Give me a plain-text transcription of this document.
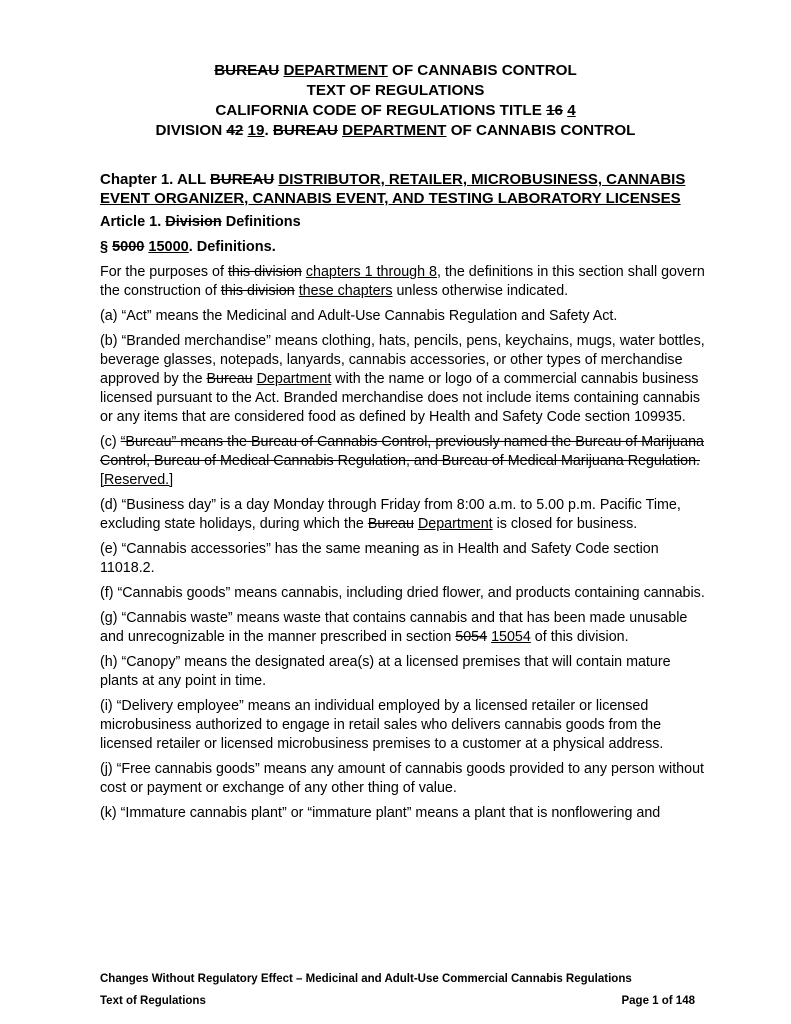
BUREAU DEPARTMENT OF CANNABIS CONTROL
TEXT OF REGULATIONS
CALIFORNIA CODE OF REGULATIONS TITLE 16 4
DIVISION 42 19. BUREAU DEPARTMENT OF CANNABIS CONTROL
Chapter 1. ALL BUREAU DISTRIBUTOR, RETAILER, MICROBUSINESS, CANNABIS EVENT ORGANIZER, CANNABIS EVENT, AND TESTING LABORATORY LICENSES
Article 1. Division Definitions
§ 5000 15000. Definitions.

For the purposes of this division chapters 1 through 8, the definitions in this section shall govern the construction of this division these chapters unless otherwise indicated.

(a) “Act” means the Medicinal and Adult-Use Cannabis Regulation and Safety Act.

(b) “Branded merchandise” means clothing, hats, pencils, pens, keychains, mugs, water bottles, beverage glasses, notepads, lanyards, cannabis accessories, or other types of merchandise approved by the Bureau Department with the name or logo of a commercial cannabis business licensed pursuant to the Act. Branded merchandise does not include items containing cannabis or any items that are considered food as defined by Health and Safety Code section 109935.

(c) “Bureau” means the Bureau of Cannabis Control, previously named the Bureau of Marijuana Control, Bureau of Medical Cannabis Regulation, and Bureau of Medical Marijuana Regulation.[Reserved.]

(d) “Business day” is a day Monday through Friday from 8:00 a.m. to 5.00 p.m. Pacific Time, excluding state holidays, during which the Bureau Department is closed for business.

(e) “Cannabis accessories” has the same meaning as in Health and Safety Code section 11018.2.

(f) “Cannabis goods” means cannabis, including dried flower, and products containing cannabis.

(g) “Cannabis waste” means waste that contains cannabis and that has been made unusable and unrecognizable in the manner prescribed in section 5054 15054 of this division.

(h) “Canopy” means the designated area(s) at a licensed premises that will contain mature plants at any point in time.

(i) “Delivery employee” means an individual employed by a licensed retailer or licensed microbusiness authorized to engage in retail sales who delivers cannabis goods from the licensed retailer or licensed microbusiness premises to a customer at a physical address.

(j) “Free cannabis goods” means any amount of cannabis goods provided to any person without cost or payment or exchange of any other thing of value.

(k) “Immature cannabis plant” or “immature plant” means a plant that is nonflowering and

Changes Without Regulatory Effect – Medicinal and Adult-Use Commercial Cannabis Regulations
Text of Regulations	Page 1 of 148
